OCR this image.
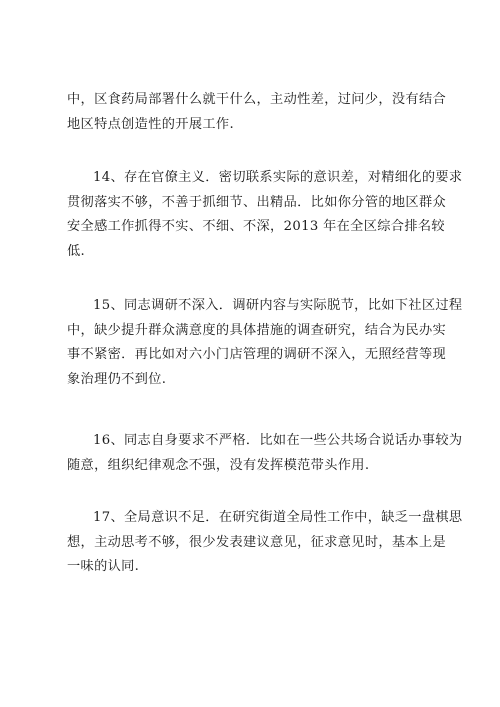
中，区食药局部署什么就干什么，主动性差，过问少，没有结合
地区特点创造性的开展工作.

14、存在官僚主义．密切联系实际的意识差，对精细化的要求
贯彻落实不够，不善于抓细节、出精品．比如你分管的地区群众
安全感工作抓得不实、不细、不深，2013 年在全区综合排名较
低.

15、同志调研不深入．调研内容与实际脱节，比如下社区过程
中，缺少提升群众满意度的具体措施的调查研究，结合为民办实
事不紧密．再比如对六小门店管理的调研不深入，无照经营等现
象治理仍不到位.

16、同志自身要求不严格．比如在一些公共场合说话办事较为
随意，组织纪律观念不强，没有发挥模范带头作用.

17、全局意识不足．在研究街道全局性工作中，缺乏一盘棋思
想，主动思考不够，很少发表建议意见，征求意见时，基本上是
一味的认同.
